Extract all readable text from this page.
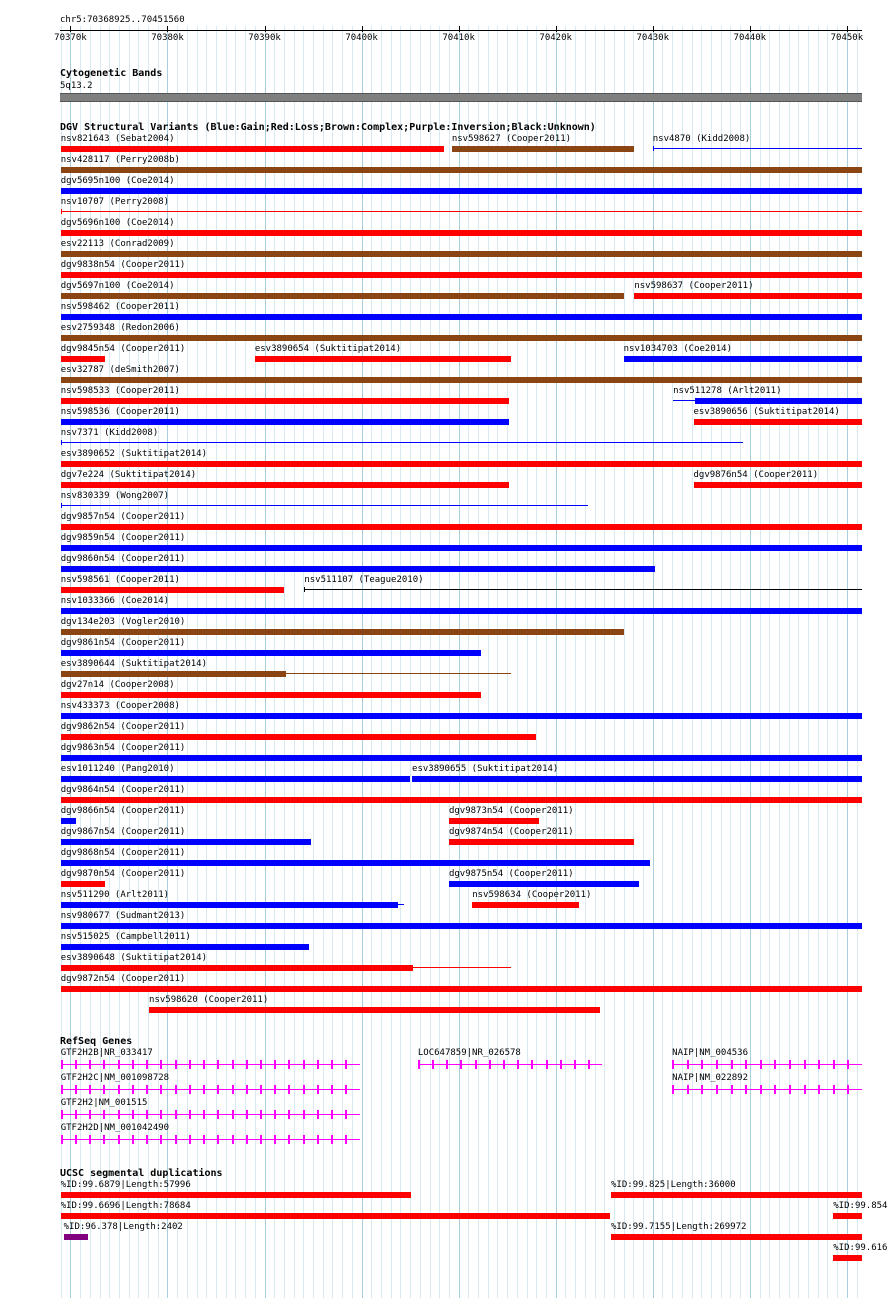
chr5:70368925..70451560
70370k	70380k	70390k	70400k	70410k	70420k	70430k	70440k	70450k
Cytogenetic Bands
5q13.2
DGV Structural Variants (Blue:Gain;Red:Loss;Brown:Complex;Purple:Inversion;Black:Unknown)
nsv821643 (Sebat2004)	nsv598627 (Cooper2011)	nsv4870 (Kidd2008)
nsv428117 (Perry2008b)
dgv5695n100 (Coe2014)
nsv10707 (Perry2008)
dgv5696n100 (Coe2014)
esv22113 (Conrad2009)
dgv9838n54 (Cooper2011)
dgv5697n100 (Coe2014)	nsv598637 (Cooper2011)
nsv598462 (Cooper2011)
esv2759348 (Redon2006)
dgv9845n54 (Cooper2011)	esv3890654 (Suktitipat2014)	nsv1034703 (Coe2014)
esv32787 (deSmith2007)
nsv598533 (Cooper2011)	nsv511278 (Arlt2011)
nsv598536 (Cooper2011)	esv3890656 (Suktitipat2014)
nsv7371 (Kidd2008)
esv3890652 (Suktitipat2014)
dgv7e224 (Suktitipat2014)	dgv9876n54 (Cooper2011)
nsv830339 (Wong2007)
dgv9857n54 (Cooper2011)
dgv9859n54 (Cooper2011)
dgv9860n54 (Cooper2011)
nsv598561 (Cooper2011)	nsv511107 (Teague2010)
nsv1033366 (Coe2014)
dgv134e203 (Vogler2010)
dgv9861n54 (Cooper2011)
esv3890644 (Suktitipat2014)
dgv27n14 (Cooper2008)
nsv433373 (Cooper2008)
dgv9862n54 (Cooper2011)
dgv9863n54 (Cooper2011)
esv1011240 (Pang2010)	esv3890655 (Suktitipat2014)
dgv9864n54 (Cooper2011)
dgv9866n54 (Cooper2011)	dgv9873n54 (Cooper2011)
dgv9867n54 (Cooper2011)	dgv9874n54 (Cooper2011)
dgv9868n54 (Cooper2011)
dgv9870n54 (Cooper2011)	dgv9875n54 (Cooper2011)
nsv511290 (Arlt2011)	nsv598634 (Cooper2011)
nsv980677 (Sudmant2013)
nsv515025 (Campbell2011)
esv3890648 (Suktitipat2014)
dgv9872n54 (Cooper2011)
nsv598620 (Cooper2011)
RefSeq Genes
GTF2H2B|NR_033417	LOC647859|NR_026578	NAIP|NM_004536
GTF2H2C|NM_001098728	NAIP|NM_022892
GTF2H2|NM_001515
GTF2H2D|NM_001042490
UCSC segmental duplications
%ID:99.6879|Length:57996	%ID:99.825|Length:36000
%ID:99.6696|Length:78684	%ID:99.854
%ID:96.378|Length:2402	%ID:99.7155|Length:269972
%ID:99.616
